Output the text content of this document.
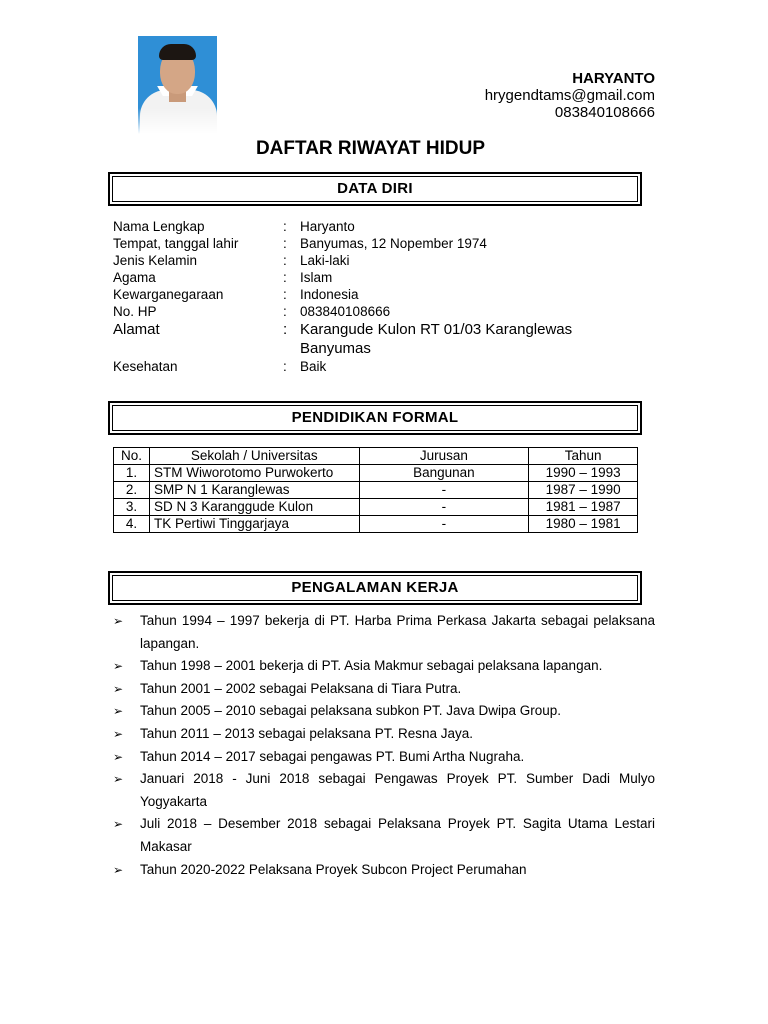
HARYANTO
hrygendtams@gmail.com
083840108666
DAFTAR RIWAYAT HIDUP
DATA DIRI
Nama Lengkap	: Haryanto
Tempat, tanggal lahir	: Banyumas, 12 Nopember 1974
Jenis Kelamin	: Laki-laki
Agama	: Islam
Kewarganegaraan	: Indonesia
No. HP	: 083840108666
Alamat	: Karangude Kulon RT 01/03 Karanglewas
Banyumas
Kesehatan	: Baik
PENDIDIKAN FORMAL
No.	Sekolah / Universitas	Jurusan	Tahun
1.	STM Wiworotomo Purwokerto	Bangunan	1990 – 1993
2.	SMP N 1 Karanglewas	-	1987 – 1990
3.	SD N 3 Karanggude Kulon	-	1981 – 1987
4.	TK Pertiwi Tinggarjaya	-	1980 – 1981
PENGALAMAN KERJA
➢ Tahun 1994 – 1997 bekerja di PT. Harba Prima Perkasa Jakarta sebagai pelaksana lapangan.
➢ Tahun 1998 – 2001 bekerja di PT. Asia Makmur sebagai pelaksana lapangan.
➢ Tahun 2001 – 2002 sebagai Pelaksana di Tiara Putra.
➢ Tahun 2005 – 2010 sebagai pelaksana subkon PT. Java Dwipa Group.
➢ Tahun 2011 – 2013 sebagai pelaksana PT. Resna Jaya.
➢ Tahun 2014 – 2017 sebagai pengawas PT. Bumi Artha Nugraha.
➢ Januari 2018 - Juni 2018 sebagai Pengawas Proyek PT. Sumber Dadi Mulyo Yogyakarta
➢ Juli 2018 – Desember 2018 sebagai Pelaksana Proyek PT. Sagita Utama Lestari Makasar
➢ Tahun 2020-2022 Pelaksana Proyek Subcon Project Perumahan
